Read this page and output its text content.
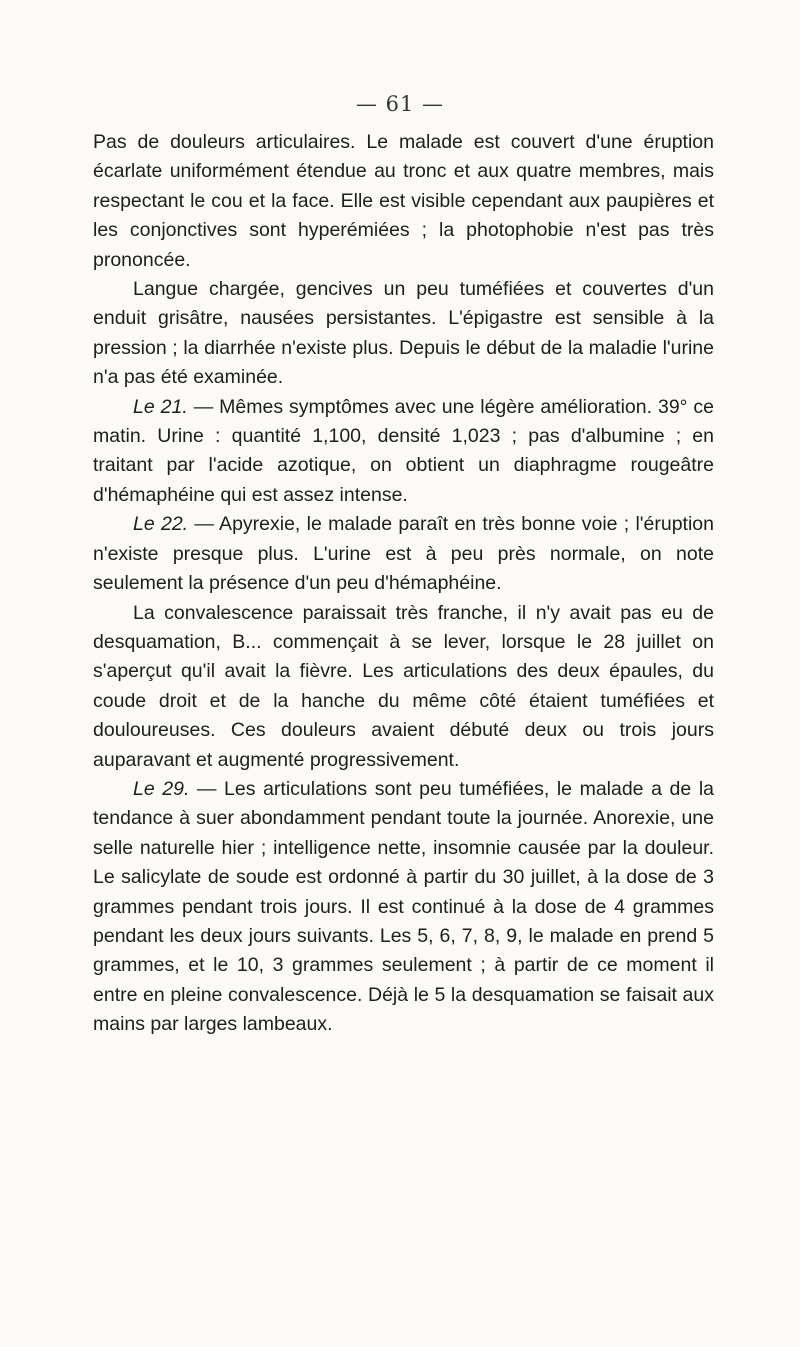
— 61 —

Pas de douleurs articulaires. Le malade est couvert d'une éruption écarlate uniformément étendue au tronc et aux quatre membres, mais respectant le cou et la face. Elle est visible cependant aux paupières et les conjonctives sont hyperémiées ; la photophobie n'est pas très prononcée.

Langue chargée, gencives un peu tuméfiées et couvertes d'un enduit grisâtre, nausées persistantes. L'épigastre est sensible à la pression ; la diarrhée n'existe plus. Depuis le début de la maladie l'urine n'a pas été examinée.

Le 21. — Mêmes symptômes avec une légère amélioration. 39° ce matin. Urine : quantité 1,100, densité 1,023 ; pas d'albumine ; en traitant par l'acide azotique, on obtient un diaphragme rougeâtre d'hémaphéine qui est assez intense.

Le 22. — Apyrexie, le malade paraît en très bonne voie ; l'éruption n'existe presque plus. L'urine est à peu près normale, on note seulement la présence d'un peu d'hémaphéine.

La convalescence paraissait très franche, il n'y avait pas eu de desquamation, B... commençait à se lever, lorsque le 28 juillet on s'aperçut qu'il avait la fièvre. Les articulations des deux épaules, du coude droit et de la hanche du même côté étaient tuméfiées et douloureuses. Ces douleurs avaient débuté deux ou trois jours auparavant et augmenté progressivement.

Le 29. — Les articulations sont peu tuméfiées, le malade a de la tendance à suer abondamment pendant toute la journée. Anorexie, une selle naturelle hier ; intelligence nette, insomnie causée par la douleur. Le salicylate de soude est ordonné à partir du 30 juillet, à la dose de 3 grammes pendant trois jours. Il est continué à la dose de 4 grammes pendant les deux jours suivants. Les 5, 6, 7, 8, 9, le malade en prend 5 grammes, et le 10, 3 grammes seulement ; à partir de ce moment il entre en pleine convalescence. Déjà le 5 la desquamation se faisait aux mains par larges lambeaux.
